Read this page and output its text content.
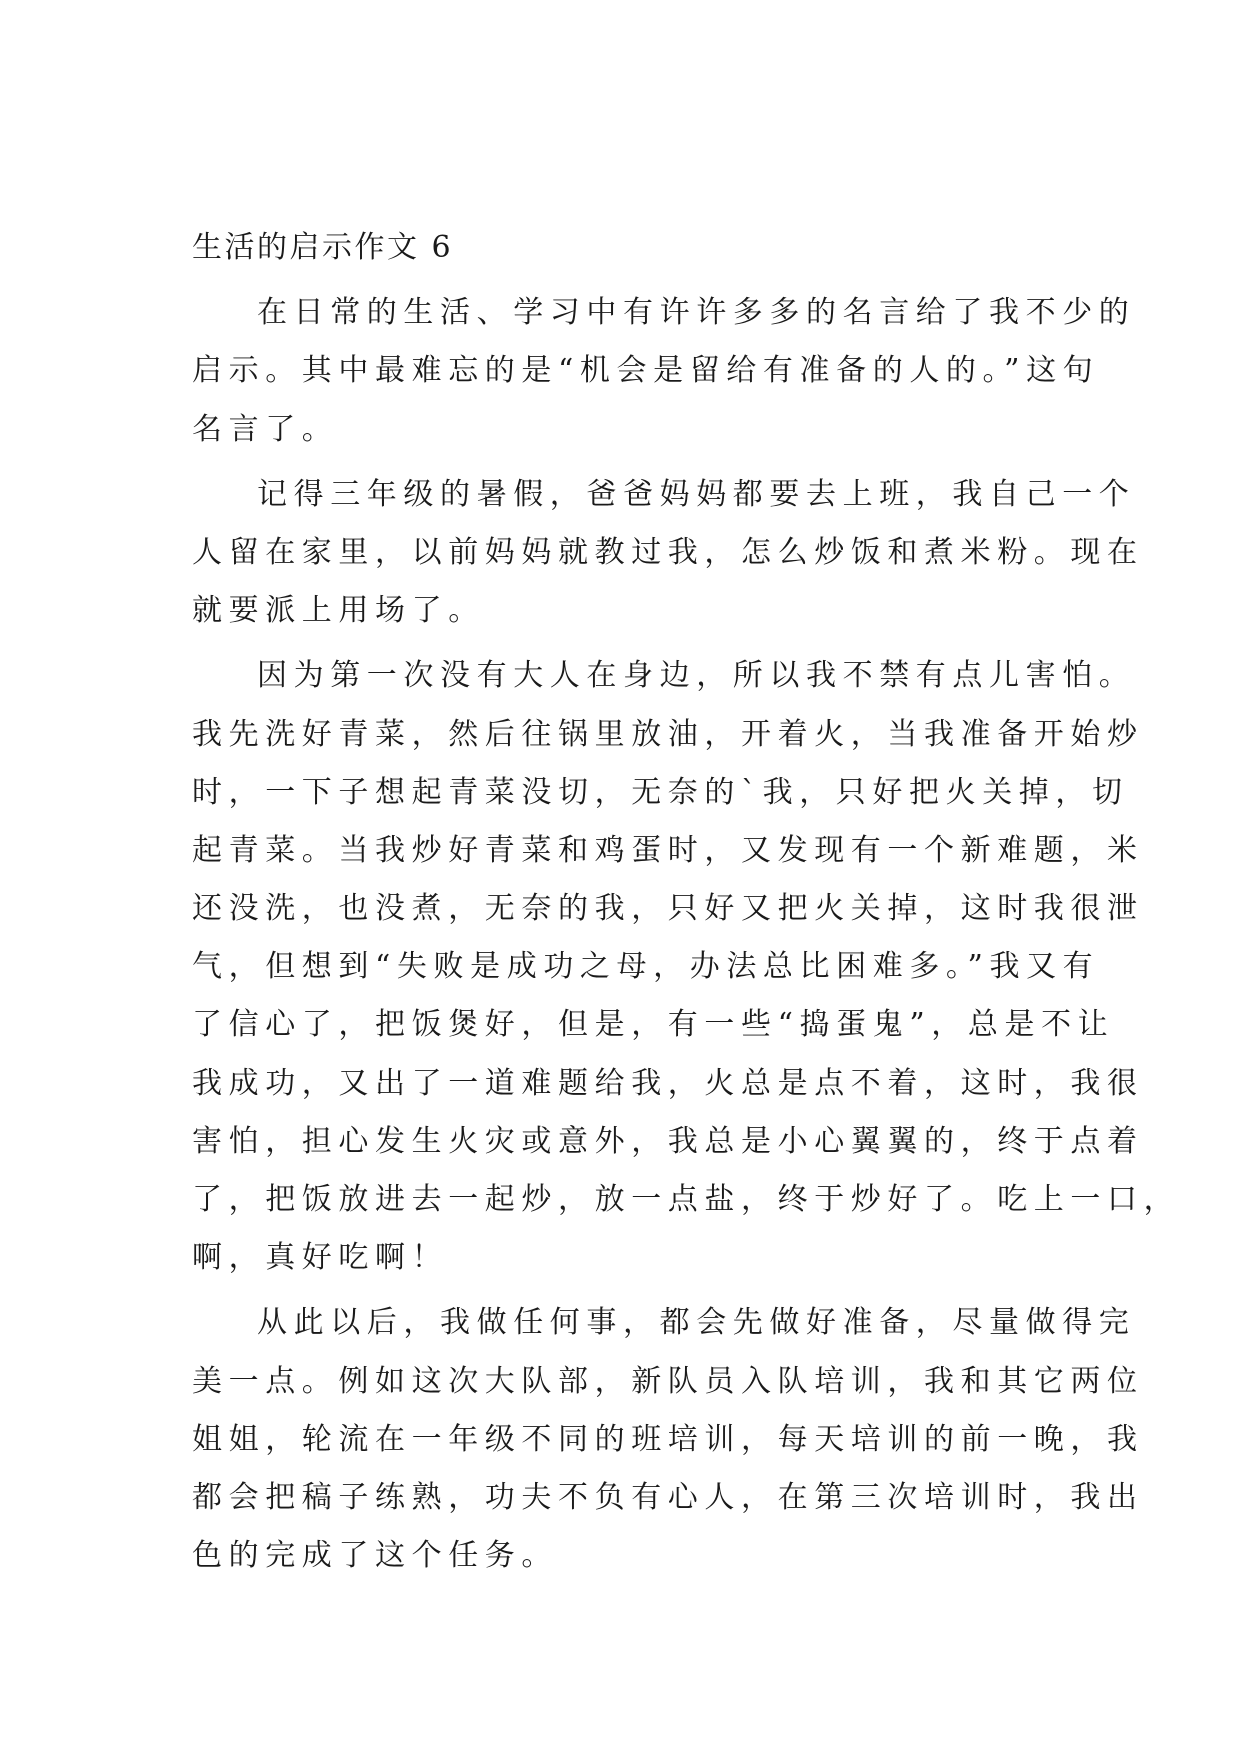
生活的启示作文 6
在日常的生活、学习中有许许多多的名言给了我不少的
启示。其中最难忘的是“机会是留给有准备的人的。”这句
名言了。
记得三年级的暑假，爸爸妈妈都要去上班，我自己一个
人留在家里，以前妈妈就教过我，怎么炒饭和煮米粉。现在
就要派上用场了。
因为第一次没有大人在身边，所以我不禁有点儿害怕。
我先洗好青菜，然后往锅里放油，开着火，当我准备开始炒
时，一下子想起青菜没切，无奈的`我，只好把火关掉，切
起青菜。当我炒好青菜和鸡蛋时，又发现有一个新难题，米
还没洗，也没煮，无奈的我，只好又把火关掉，这时我很泄
气，但想到“失败是成功之母，办法总比困难多。”我又有
了信心了，把饭煲好，但是，有一些“捣蛋鬼”，总是不让
我成功，又出了一道难题给我，火总是点不着，这时，我很
害怕，担心发生火灾或意外，我总是小心翼翼的，终于点着
了，把饭放进去一起炒，放一点盐，终于炒好了。吃上一口，
啊，真好吃啊！
从此以后，我做任何事，都会先做好准备，尽量做得完
美一点。例如这次大队部，新队员入队培训，我和其它两位
姐姐，轮流在一年级不同的班培训，每天培训的前一晚，我
都会把稿子练熟，功夫不负有心人，在第三次培训时，我出
色的完成了这个任务。
